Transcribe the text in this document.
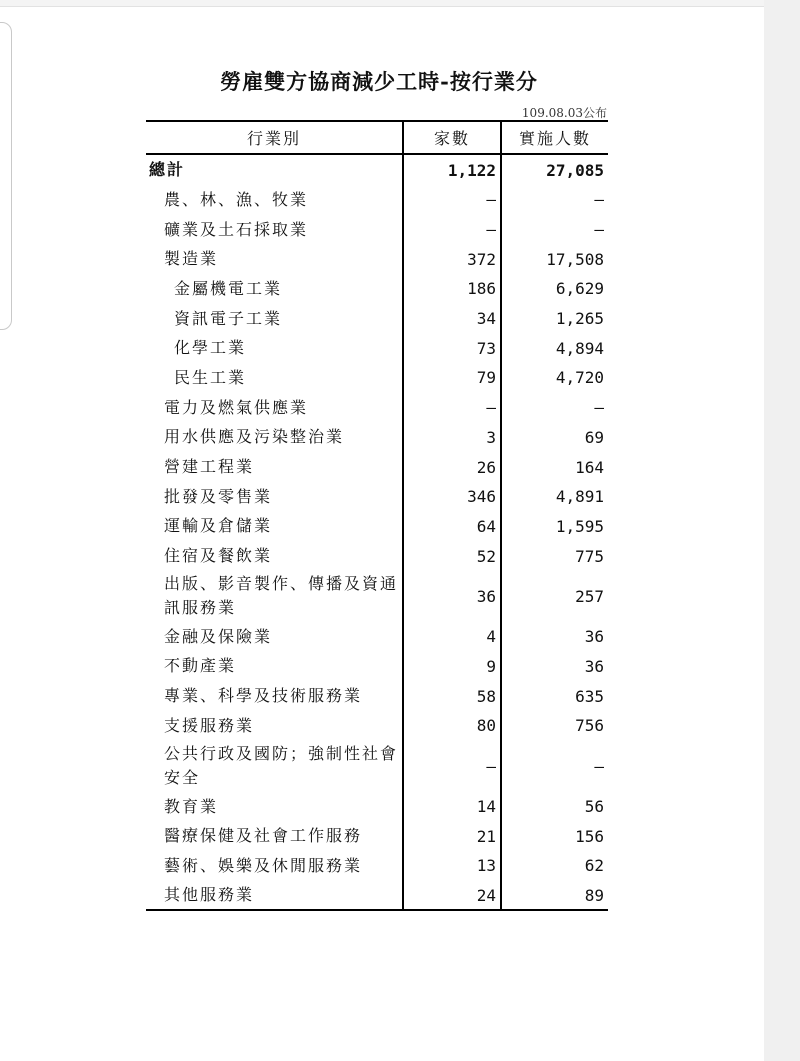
勞雇雙方協商減少工時-按行業分
109.08.03公布
行業別	家數	實施人數
總計	1,122	27,085
農、林、漁、牧業	–	–
礦業及土石採取業	–	–
製造業	372	17,508
金屬機電工業	186	6,629
資訊電子工業	34	1,265
化學工業	73	4,894
民生工業	79	4,720
電力及燃氣供應業	–	–
用水供應及污染整治業	3	69
營建工程業	26	164
批發及零售業	346	4,891
運輸及倉儲業	64	1,595
住宿及餐飲業	52	775
出版、影音製作、傳播及資通訊服務業	36	257
金融及保險業	4	36
不動產業	9	36
專業、科學及技術服務業	58	635
支援服務業	80	756
公共行政及國防；強制性社會安全	–	–
教育業	14	56
醫療保健及社會工作服務	21	156
藝術、娛樂及休閒服務業	13	62
其他服務業	24	89
